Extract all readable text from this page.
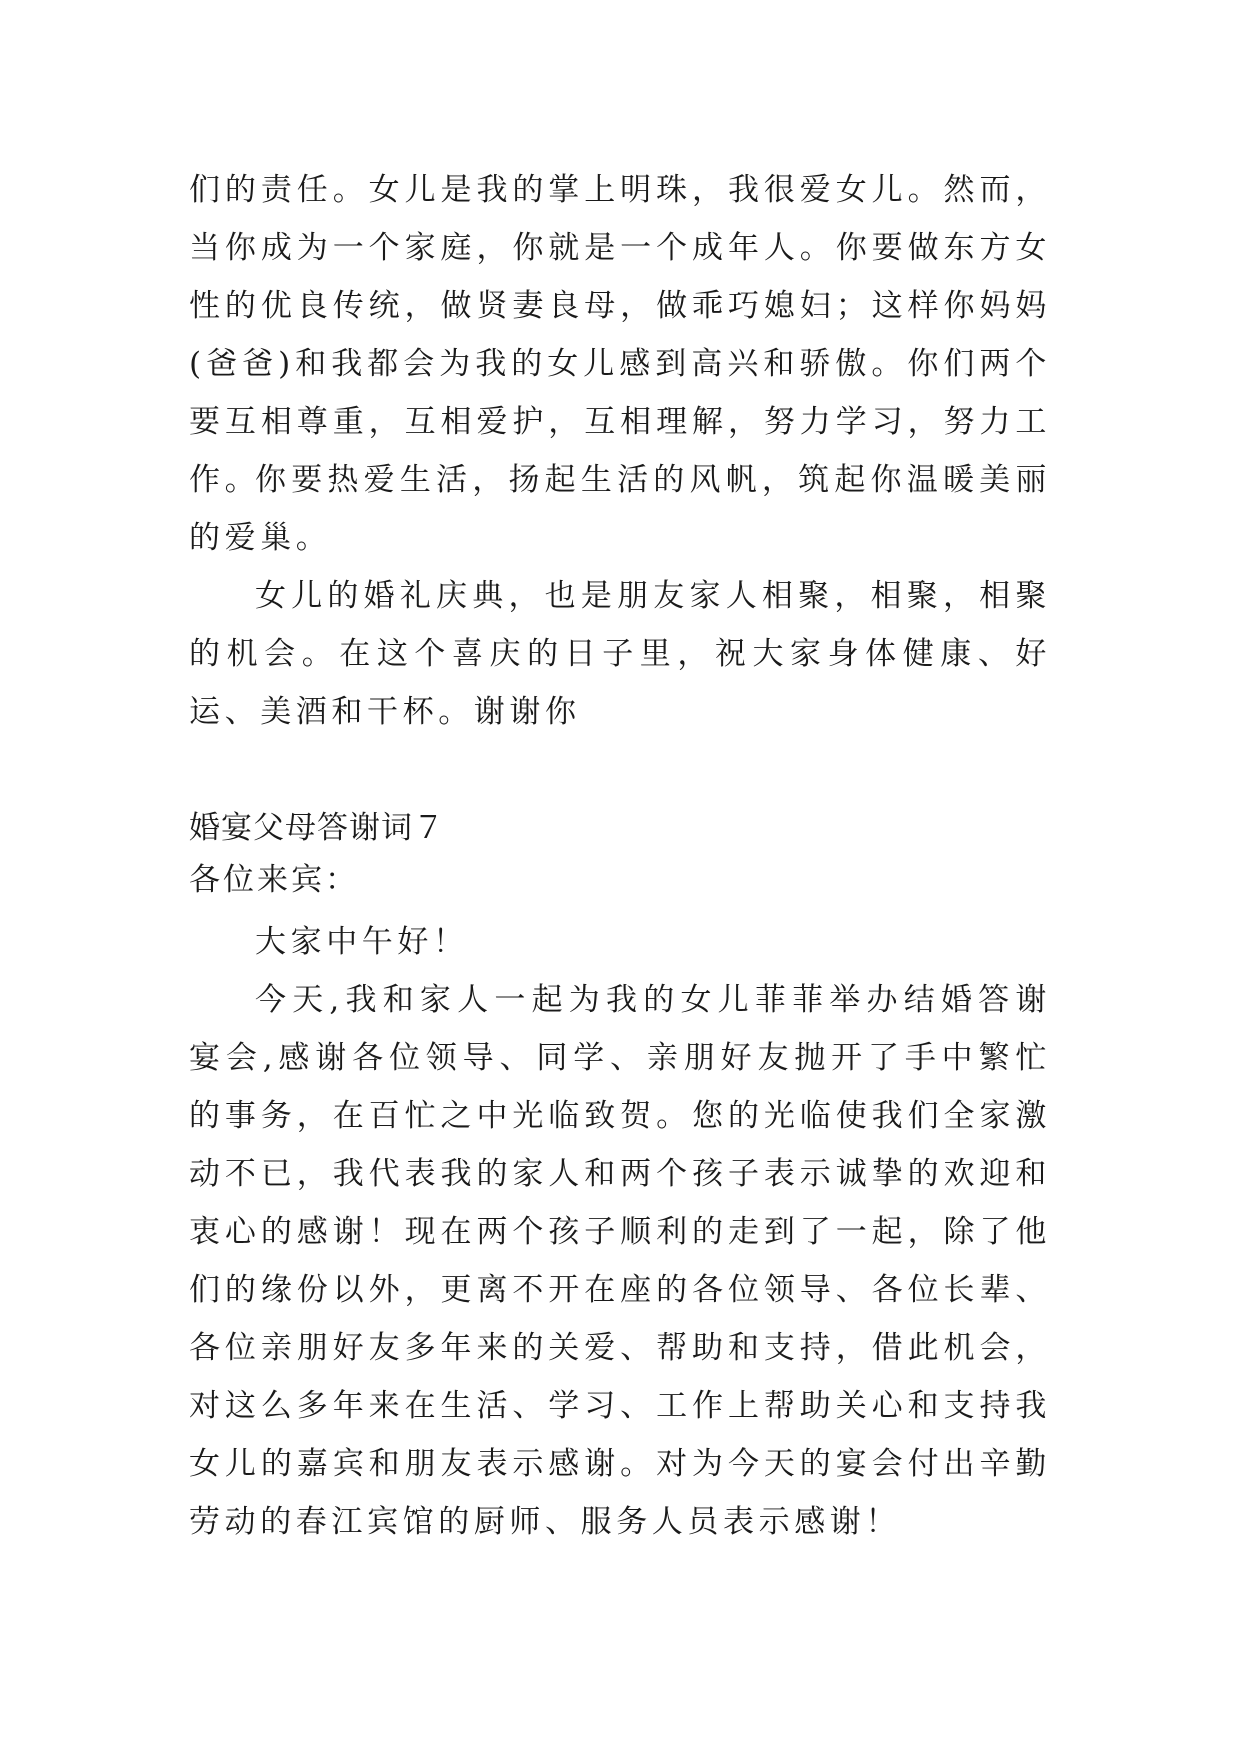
们的责任。女儿是我的掌上明珠，我很爱女儿。然而，当你成为一个家庭，你就是一个成年人。你要做东方女性的优良传统，做贤妻良母，做乖巧媳妇；这样你妈妈(爸爸)和我都会为我的女儿感到高兴和骄傲。你们两个要互相尊重，互相爱护，互相理解，努力学习，努力工作。

你要热爱生活，扬起生活的风帆，筑起你温暖美丽的爱巢。

女儿的婚礼庆典，也是朋友家人相聚，相聚，相聚的机会。在这个喜庆的日子里，祝大家身体健康、好运、美酒和干杯。谢谢你

婚宴父母答谢词７

各位来宾：

大家中午好！

今天,我和家人一起为我的女儿菲菲举办结婚答谢宴会,感谢各位领导、同学、亲朋好友抛开了手中繁忙的事务，在百忙之中光临致贺。您的光临使我们全家激动不已，我代表我的家人和两个孩子表示诚挚的欢迎和衷心的感谢！现在两个孩子顺利的走到了一起，除了他们的缘份以外，更离不开在座的各位领导、各位长辈、各位亲朋好友多年来的关爱、帮助和支持，借此机会，对这么多年来在生活、学习、工作上帮助关心和支持我女儿的嘉宾和朋友表示感谢。对为今天的宴会付出辛勤劳动的春江宾馆的厨师、服务人员表示感谢！
